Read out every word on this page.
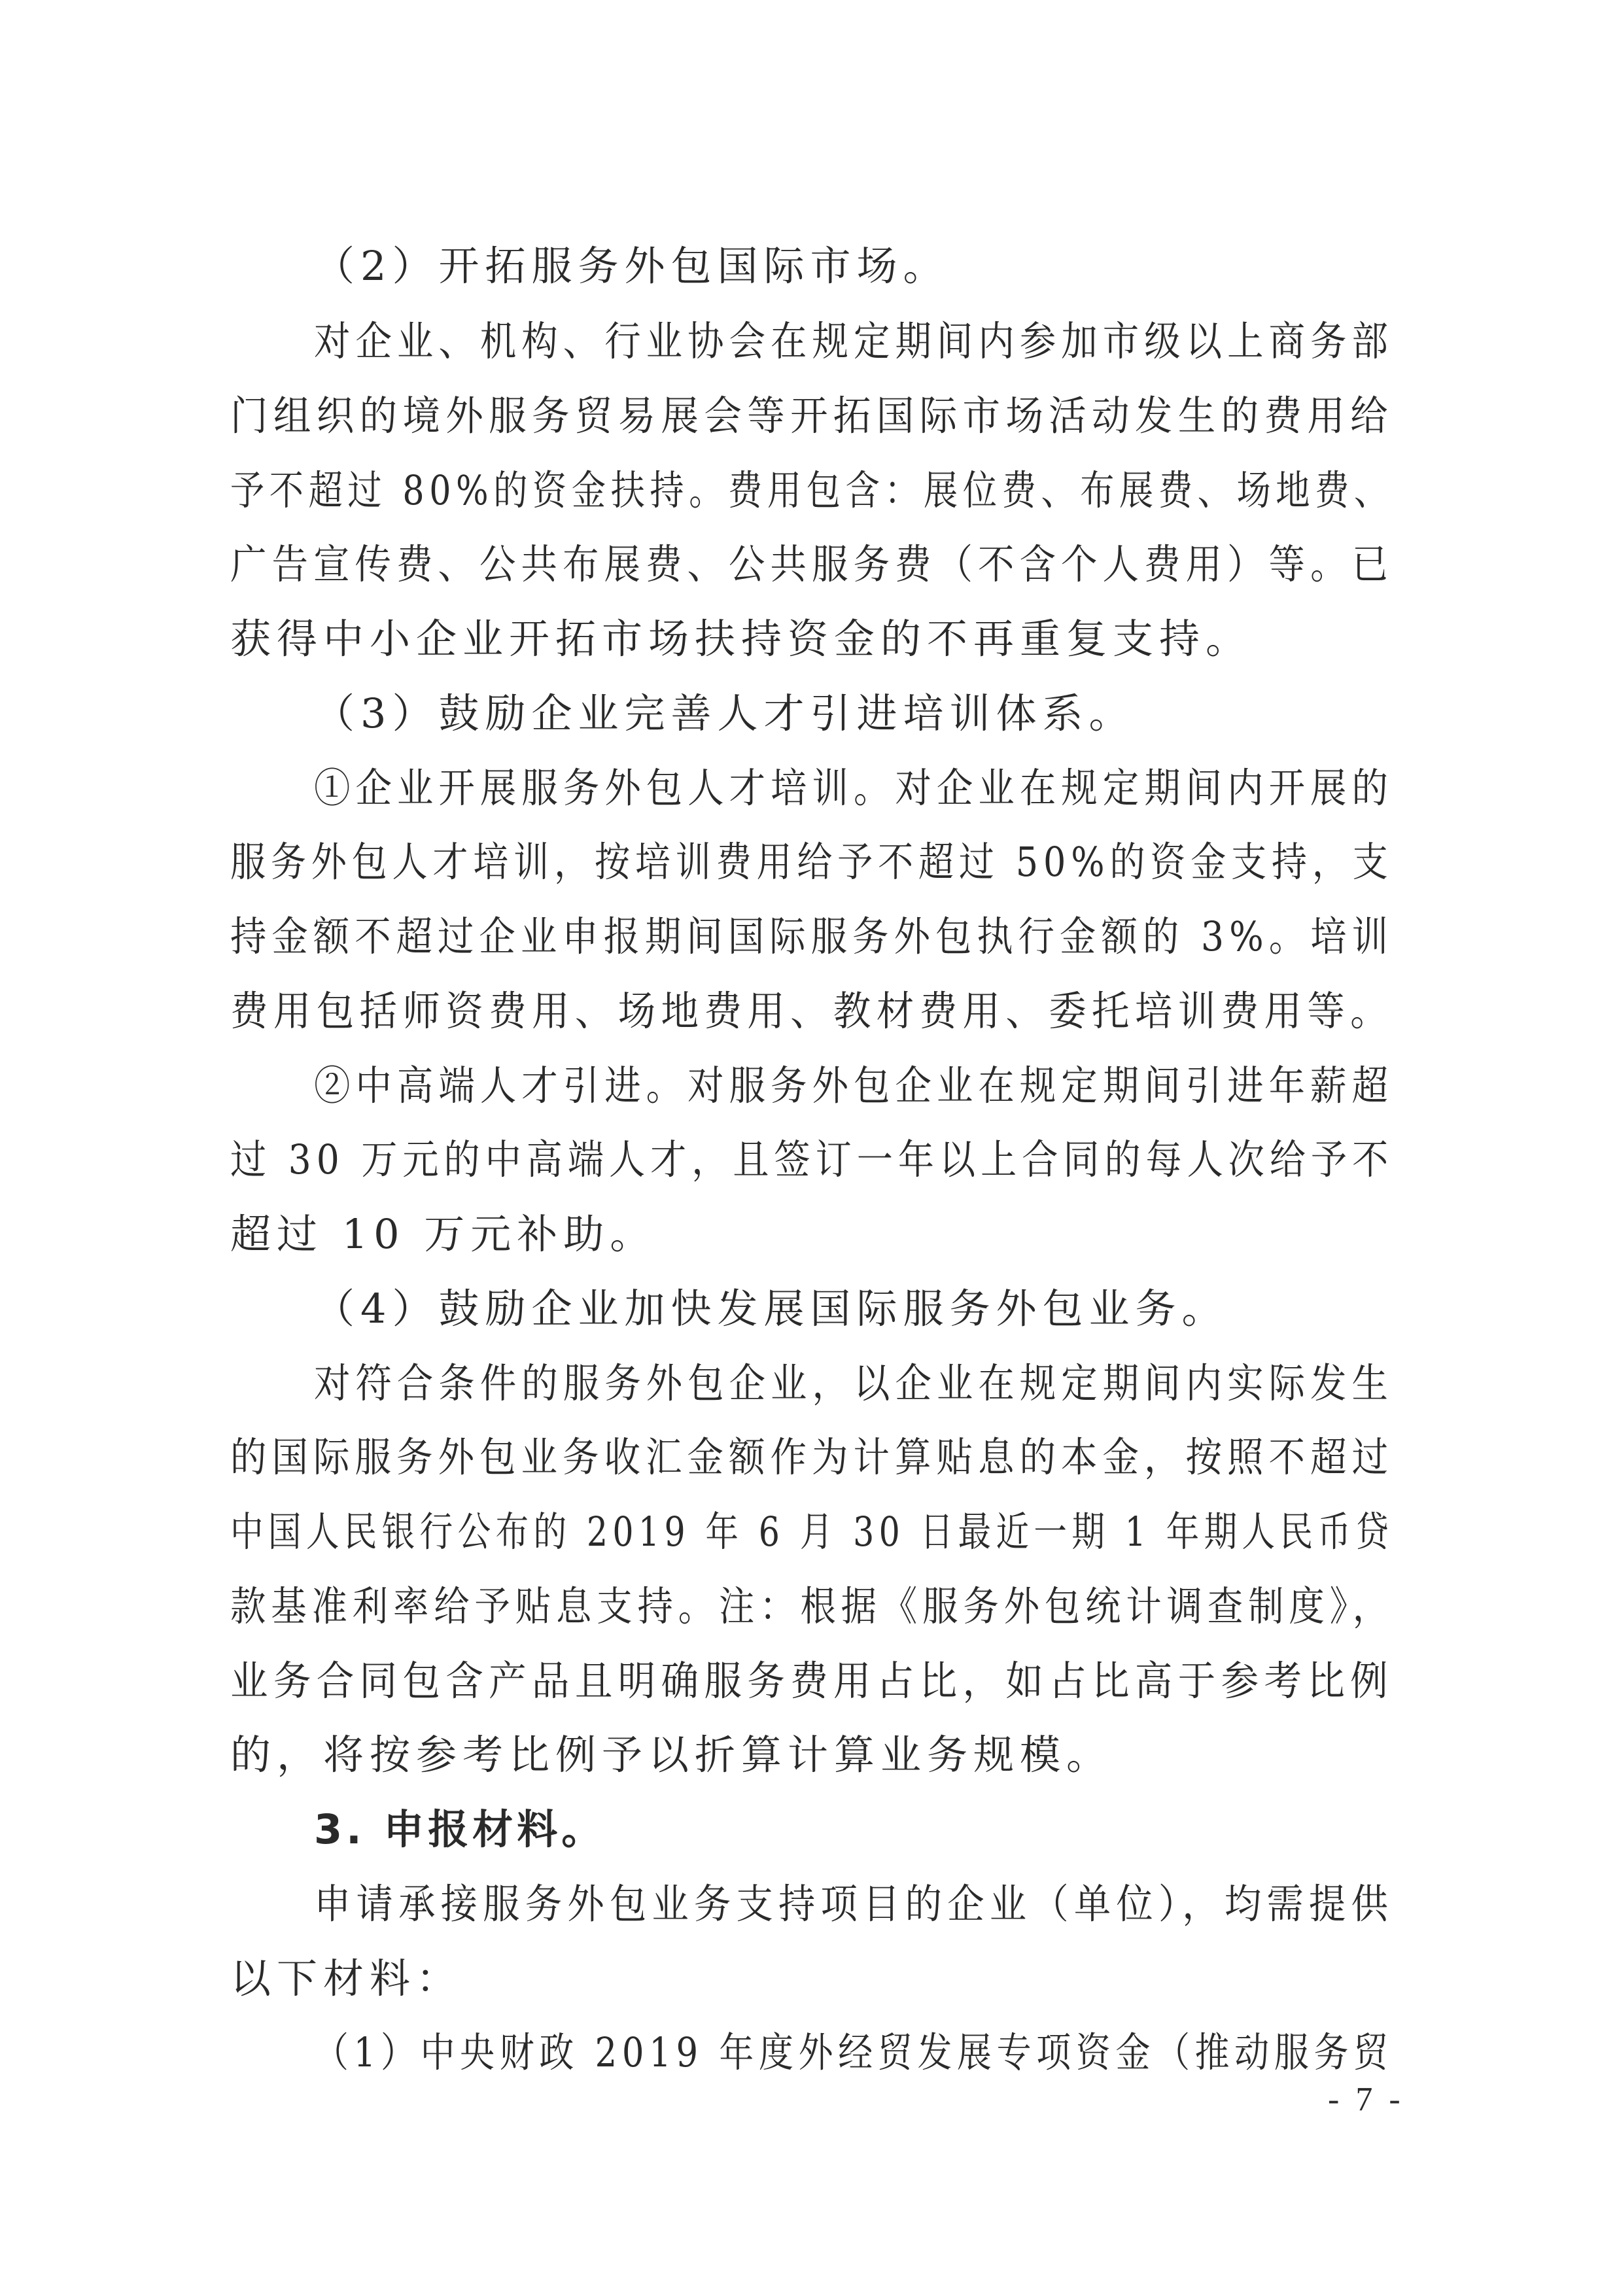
（2）开拓服务外包国际市场。
对企业、机构、行业协会在规定期间内参加市级以上商务部
门组织的境外服务贸易展会等开拓国际市场活动发生的费用给
予不超过 80%的资金扶持。费用包含：展位费、布展费、场地费、
广告宣传费、公共布展费、公共服务费（不含个人费用）等。已
获得中小企业开拓市场扶持资金的不再重复支持。
（3）鼓励企业完善人才引进培训体系。
①企业开展服务外包人才培训。对企业在规定期间内开展的
服务外包人才培训，按培训费用给予不超过 50%的资金支持，支
持金额不超过企业申报期间国际服务外包执行金额的 3%。培训
费用包括师资费用、场地费用、教材费用、委托培训费用等。
②中高端人才引进。对服务外包企业在规定期间引进年薪超
过 30 万元的中高端人才，且签订一年以上合同的每人次给予不
超过 10 万元补助。
（4）鼓励企业加快发展国际服务外包业务。
对符合条件的服务外包企业，以企业在规定期间内实际发生
的国际服务外包业务收汇金额作为计算贴息的本金，按照不超过
中国人民银行公布的 2019 年 6 月 30 日最近一期 1 年期人民币贷
款基准利率给予贴息支持。注：根据《服务外包统计调查制度》，
业务合同包含产品且明确服务费用占比，如占比高于参考比例
的，将按参考比例予以折算计算业务规模。
3. 申报材料。
申请承接服务外包业务支持项目的企业（单位），均需提供
以下材料：
（1）中央财政 2019 年度外经贸发展专项资金（推动服务贸
- 7 -
